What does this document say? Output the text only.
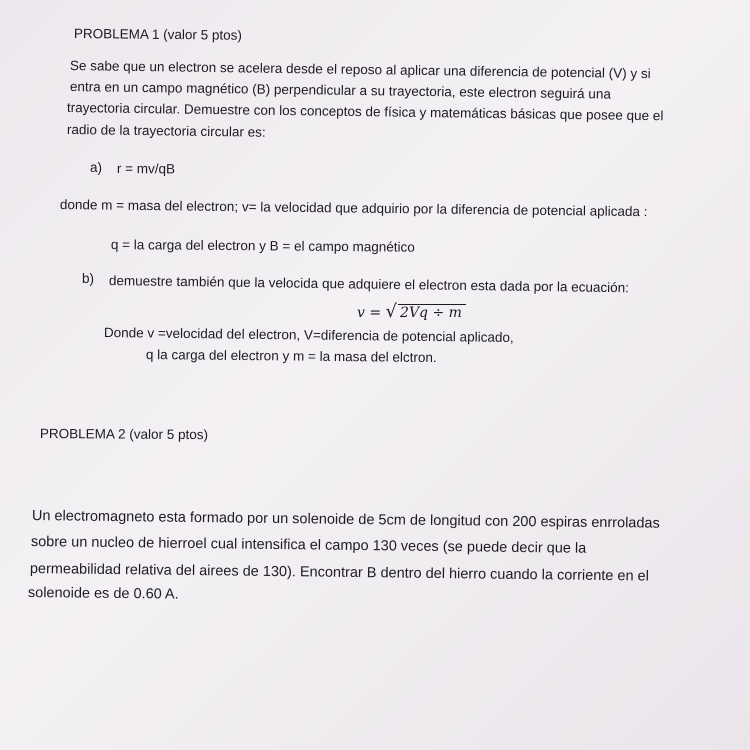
PROBLEMA 1 (valor 5 ptos)
Se sabe que un electron se acelera desde el reposo al aplicar una diferencia de potencial (V) y si
entra en un campo magnético (B) perpendicular a su trayectoria, este electron seguirá una
trayectoria circular. Demuestre con los conceptos de física y matemáticas básicas que posee que el
radio de la trayectoria circular es:
a) r = mv/qB
donde m = masa del electron; v= la velocidad que adquirio por la diferencia de potencial aplicada :
q = la carga del electron y B = el campo magnético
b) demuestre también que la velocida que adquiere el electron esta dada por la ecuación:
v = √ 2Vq ÷ m
Donde v =velocidad del electron, V=diferencia de potencial aplicado,
q la carga del electron y m = la masa del elctron.
PROBLEMA 2 (valor 5 ptos)
Un electromagneto esta formado por un solenoide de 5cm de longitud con 200 espiras enrroladas
sobre un nucleo de hierroel cual intensifica el campo 130 veces (se puede decir que la
permeabilidad relativa del airees de 130). Encontrar B dentro del hierro cuando la corriente en el
solenoide es de 0.60 A.
